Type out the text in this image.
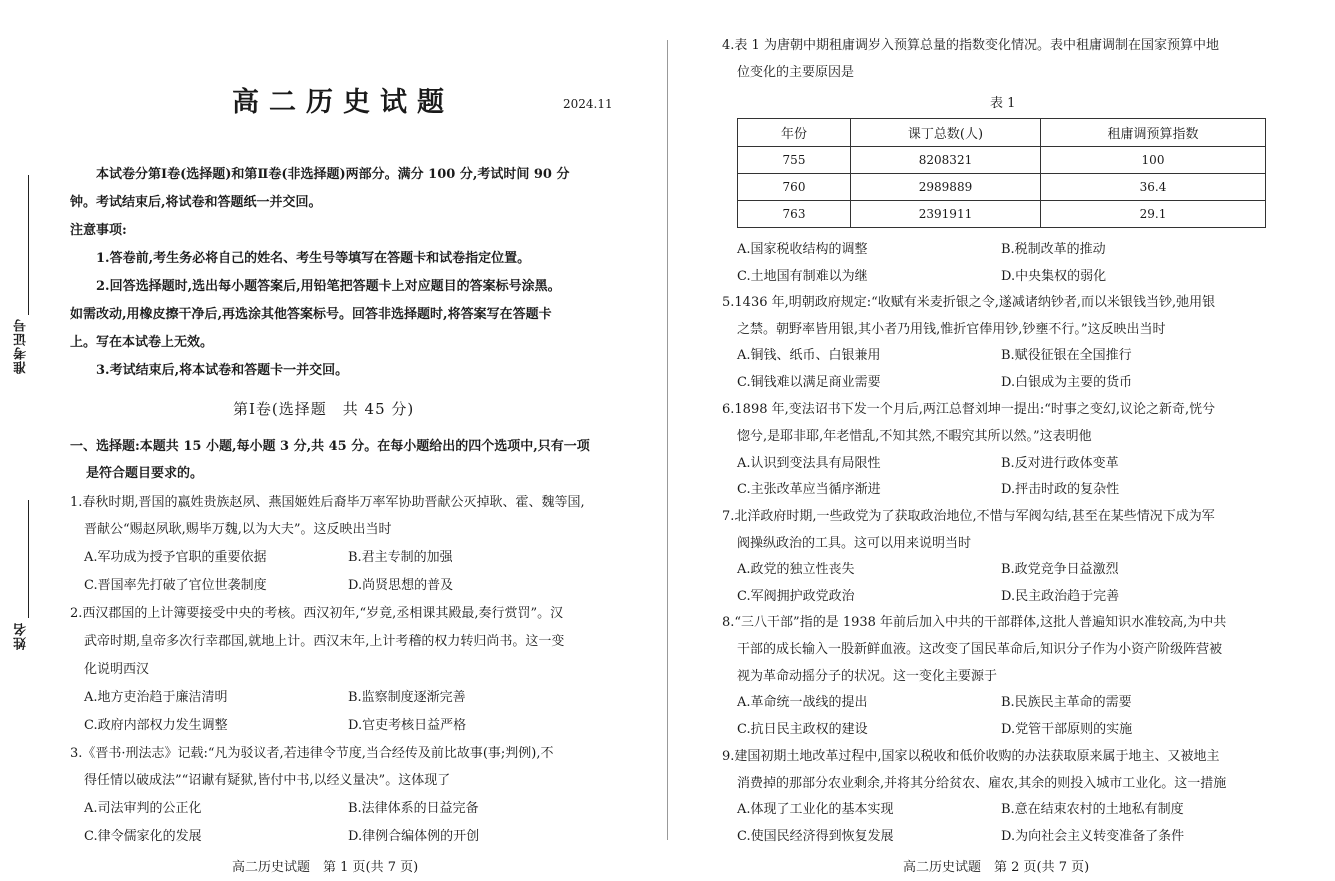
准考证号
姓名
高二历史试题	2024.11
本试卷分第Ⅰ卷(选择题)和第Ⅱ卷(非选择题)两部分。满分 100 分,考试时间 90 分
钟。考试结束后,将试卷和答题纸一并交回。
注意事项:
1.答卷前,考生务必将自己的姓名、考生号等填写在答题卡和试卷指定位置。
2.回答选择题时,选出每小题答案后,用铅笔把答题卡上对应题目的答案标号涂黑。
如需改动,用橡皮擦干净后,再选涂其他答案标号。回答非选择题时,将答案写在答题卡
上。写在本试卷上无效。
3.考试结束后,将本试卷和答题卡一并交回。
第Ⅰ卷(选择题　共 45 分)
一、选择题:本题共 15 小题,每小题 3 分,共 45 分。在每小题给出的四个选项中,只有一项
是符合题目要求的。
1.春秋时期,晋国的嬴姓贵族赵夙、燕国姬姓后裔毕万率军协助晋献公灭掉耿、霍、魏等国,
晋献公“赐赵夙耿,赐毕万魏,以为大夫”。这反映出当时
A.军功成为授予官职的重要依据	B.君主专制的加强
C.晋国率先打破了官位世袭制度	D.尚贤思想的普及
2.西汉郡国的上计簿要接受中央的考核。西汉初年,“岁竟,丞相课其殿最,奏行赏罚”。汉
武帝时期,皇帝多次行幸郡国,就地上计。西汉末年,上计考稽的权力转归尚书。这一变
化说明西汉
A.地方吏治趋于廉洁清明	B.监察制度逐渐完善
C.政府内部权力发生调整	D.官吏考核日益严格
3.《晋书·刑法志》记载:“凡为驳议者,若违律令节度,当合经传及前比故事(事;判例),不
得任情以破成法”“诏谳有疑狱,皆付中书,以经义量决”。这体现了
A.司法审判的公正化	B.法律体系的日益完备
C.律令儒家化的发展	D.律例合编体例的开创
高二历史试题　第 1 页(共 7 页)
4.表 1 为唐朝中期租庸调岁入预算总量的指数变化情况。表中租庸调制在国家预算中地
位变化的主要原因是
表 1
年份	课丁总数(人)	租庸调预算指数
755	8208321	100
760	2989889	36.4
763	2391911	29.1
A.国家税收结构的调整	B.税制改革的推动
C.土地国有制难以为继	D.中央集权的弱化
5.1436 年,明朝政府规定:“收赋有米麦折银之令,遂减诸纳钞者,而以米银钱当钞,弛用银
之禁。朝野率皆用银,其小者乃用钱,惟折官俸用钞,钞壅不行。”这反映出当时
A.铜钱、纸币、白银兼用	B.赋役征银在全国推行
C.铜钱难以满足商业需要	D.白银成为主要的货币
6.1898 年,变法诏书下发一个月后,两江总督刘坤一提出:“时事之变幻,议论之新奇,恍兮
惚兮,是耶非耶,年老惜乱,不知其然,不暇究其所以然。”这表明他
A.认识到变法具有局限性	B.反对进行政体变革
C.主张改革应当循序渐进	D.抨击时政的复杂性
7.北洋政府时期,一些政党为了获取政治地位,不惜与军阀勾结,甚至在某些情况下成为军
阀操纵政治的工具。这可以用来说明当时
A.政党的独立性丧失	B.政党竞争日益激烈
C.军阀拥护政党政治	D.民主政治趋于完善
8.“三八干部”指的是 1938 年前后加入中共的干部群体,这批人普遍知识水准较高,为中共
干部的成长输入一股新鲜血液。这改变了国民革命后,知识分子作为小资产阶级阵营被
视为革命动摇分子的状况。这一变化主要源于
A.革命统一战线的提出	B.民族民主革命的需要
C.抗日民主政权的建设	D.党管干部原则的实施
9.建国初期土地改革过程中,国家以税收和低价收购的办法获取原来属于地主、又被地主
消费掉的那部分农业剩余,并将其分给贫农、雇农,其余的则投入城市工业化。这一措施
A.体现了工业化的基本实现	B.意在结束农村的土地私有制度
C.使国民经济得到恢复发展	D.为向社会主义转变准备了条件
高二历史试题　第 2 页(共 7 页)
